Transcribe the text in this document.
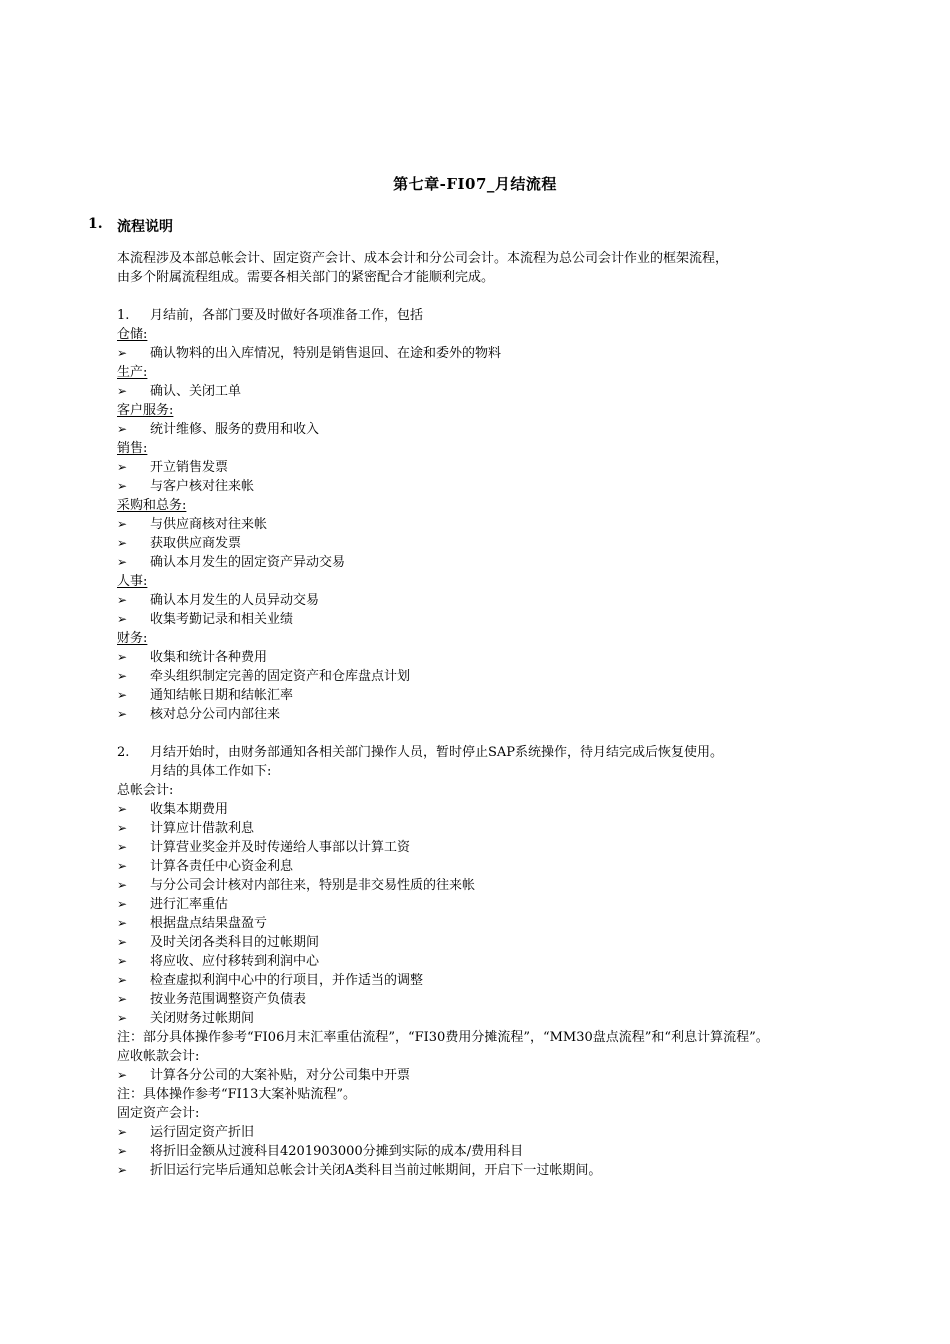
第七章-FI07_月结流程
1. 流程说明
本流程涉及本部总帐会计、固定资产会计、成本会计和分公司会计。本流程为总公司会计作业的框架流程，
由多个附属流程组成。需要各相关部门的紧密配合才能顺利完成。
1. 月结前，各部门要及时做好各项准备工作，包括
仓储:
➢ 确认物料的出入库情况，特别是销售退回、在途和委外的物料
生产:
➢ 确认、关闭工单
客户服务:
➢ 统计维修、服务的费用和收入
销售:
➢ 开立销售发票
➢ 与客户核对往来帐
采购和总务:
➢ 与供应商核对往来帐
➢ 获取供应商发票
➢ 确认本月发生的固定资产异动交易
人事:
➢ 确认本月发生的人员异动交易
➢ 收集考勤记录和相关业绩
财务:
➢ 收集和统计各种费用
➢ 牵头组织制定完善的固定资产和仓库盘点计划
➢ 通知结帐日期和结帐汇率
➢ 核对总分公司内部往来
2. 月结开始时，由财务部通知各相关部门操作人员，暂时停止SAP系统操作，待月结完成后恢复使用。
月结的具体工作如下:
总帐会计:
➢ 收集本期费用
➢ 计算应计借款利息
➢ 计算营业奖金并及时传递给人事部以计算工资
➢ 计算各责任中心资金利息
➢ 与分公司会计核对内部往来，特别是非交易性质的往来帐
➢ 进行汇率重估
➢ 根据盘点结果盘盈亏
➢ 及时关闭各类科目的过帐期间
➢ 将应收、应付移转到利润中心
➢ 检查虚拟利润中心中的行项目，并作适当的调整
➢ 按业务范围调整资产负债表
➢ 关闭财务过帐期间
注：部分具体操作参考“FI06月末汇率重估流程”，“FI30费用分摊流程”，“MM30盘点流程”和“利息计算流程”。
应收帐款会计:
➢ 计算各分公司的大案补贴，对分公司集中开票
注：具体操作参考“FI13大案补贴流程”。
固定资产会计:
➢ 运行固定资产折旧
➢ 将折旧金额从过渡科目4201903000分摊到实际的成本/费用科目
➢ 折旧运行完毕后通知总帐会计关闭A类科目当前过帐期间，开启下一过帐期间。
